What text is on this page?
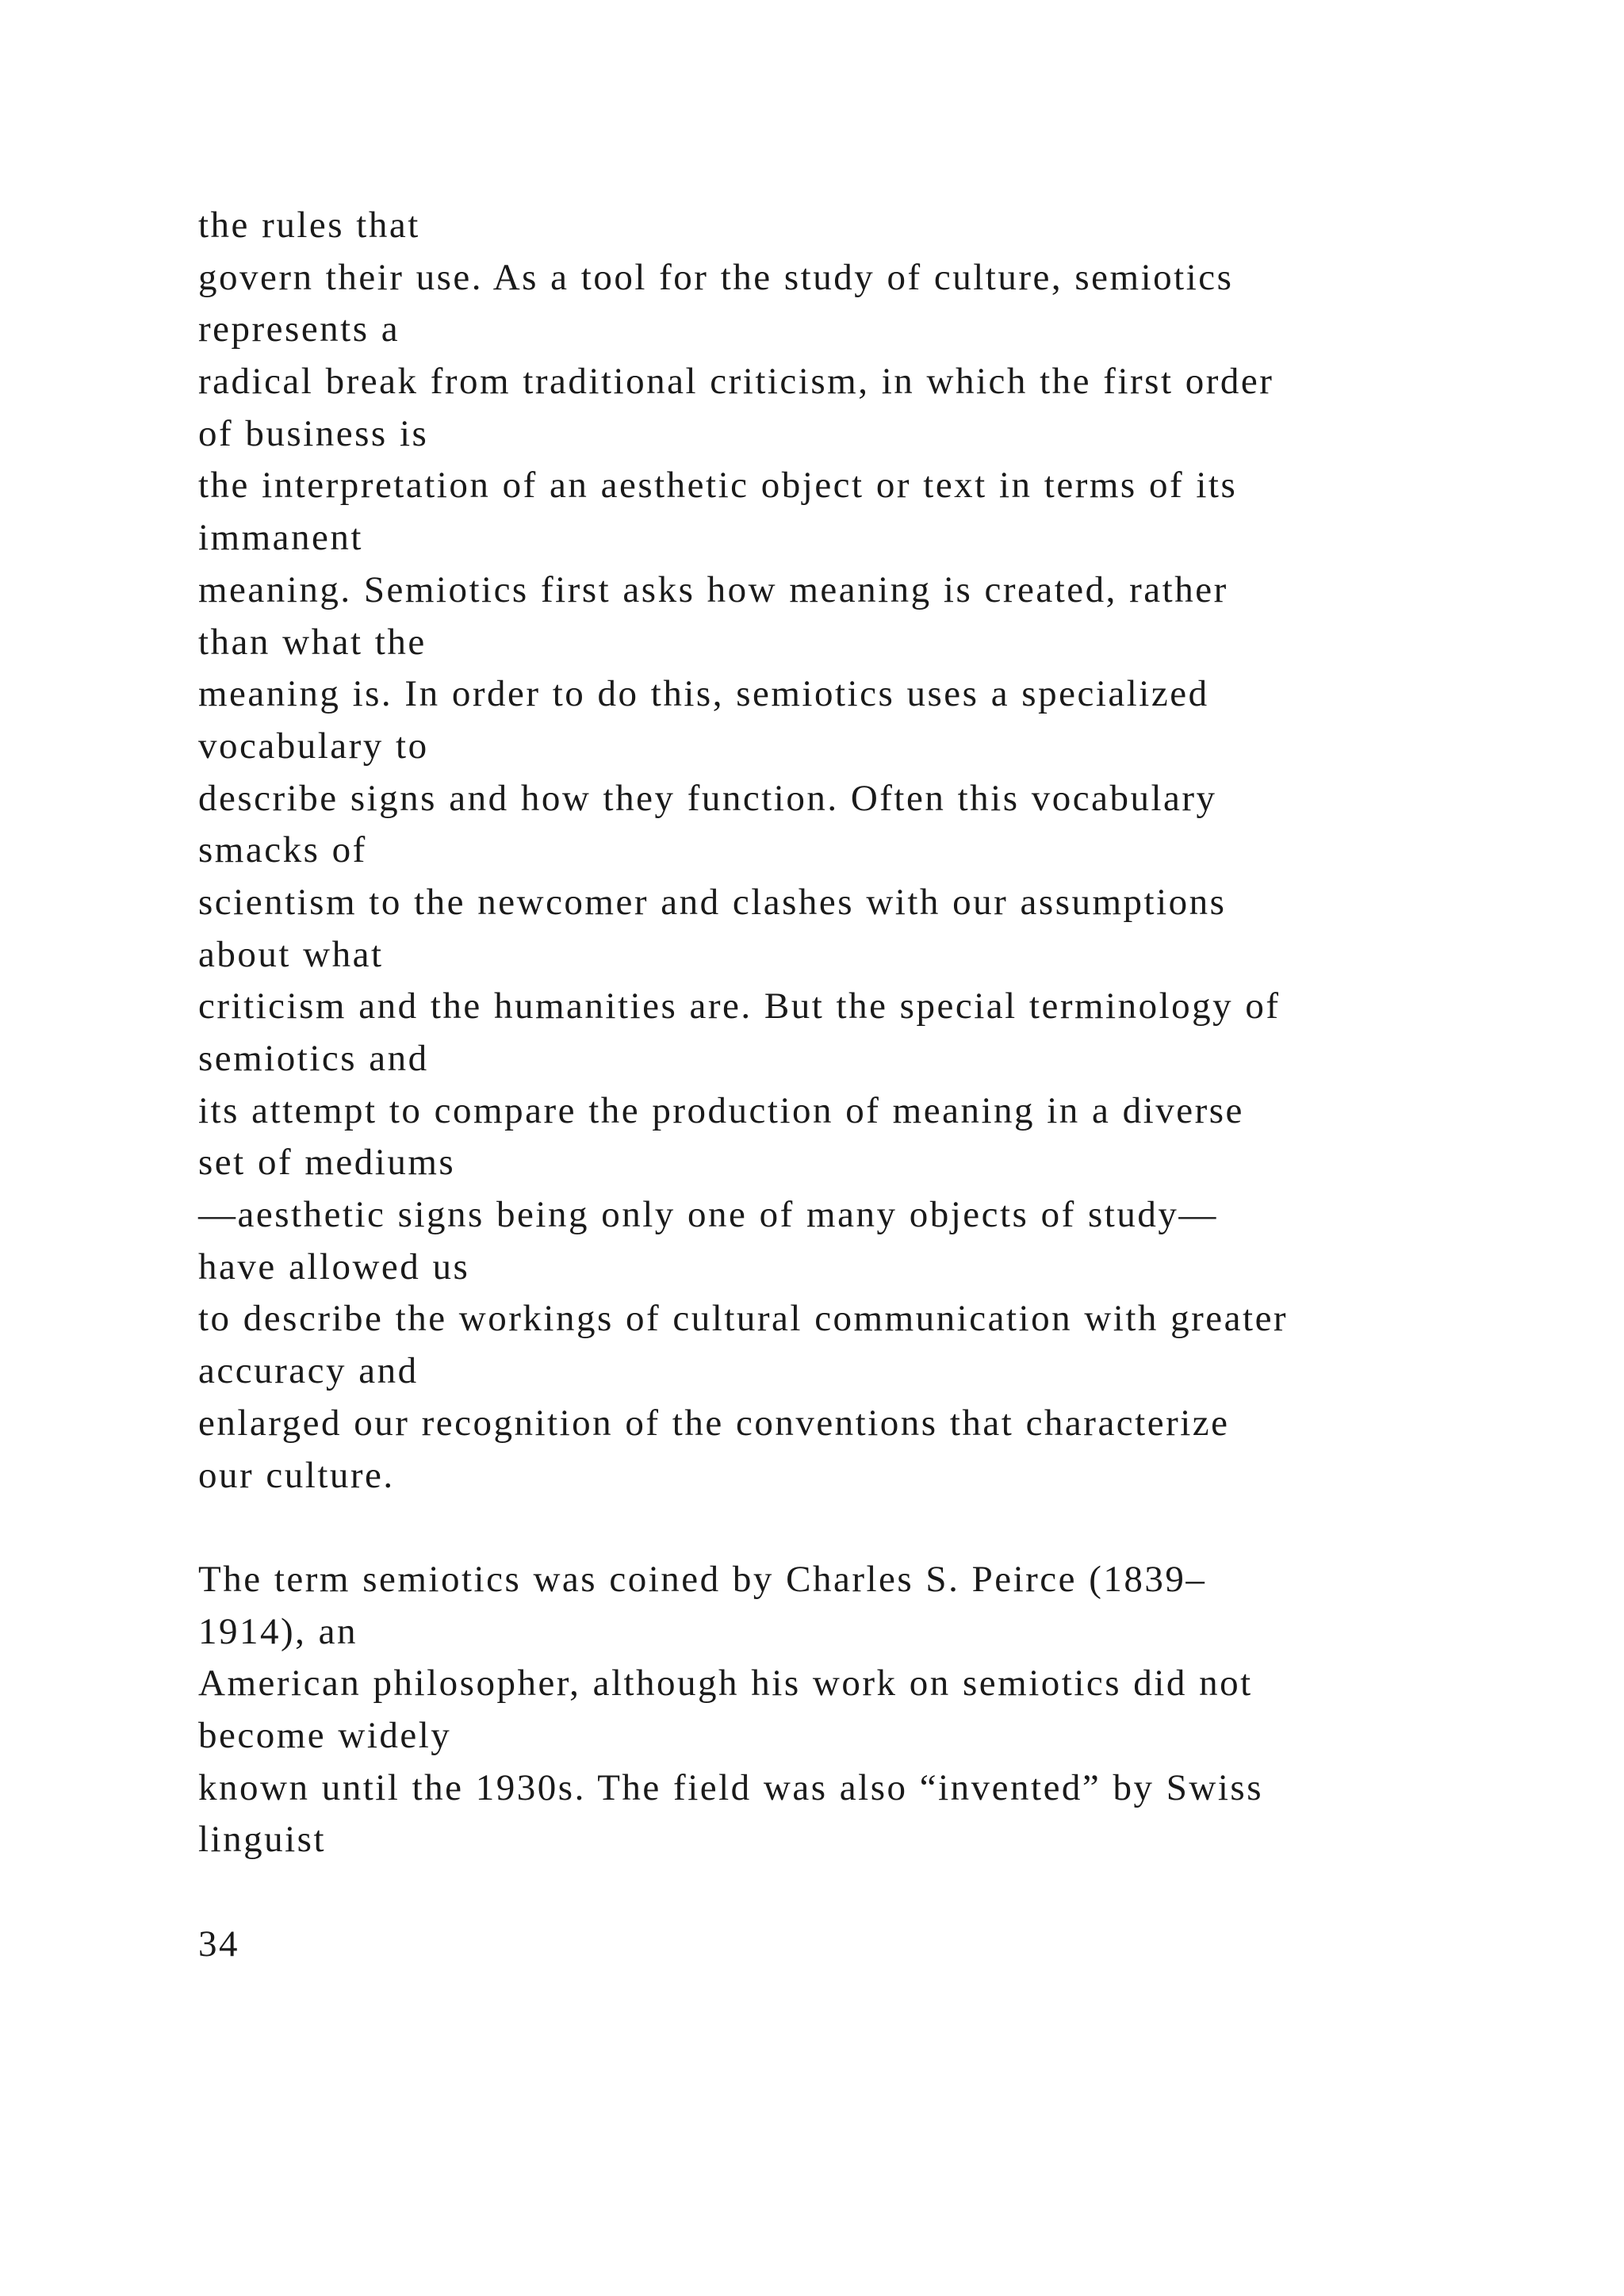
the rules that
govern their use. As a tool for the study of culture, semiotics
represents a
radical break from traditional criticism, in which the first order
of business is
the interpretation of an aesthetic object or text in terms of its
immanent
meaning. Semiotics first asks how meaning is created, rather
than what the
meaning is. In order to do this, semiotics uses a specialized
vocabulary to
describe signs and how they function. Often this vocabulary
smacks of
scientism to the newcomer and clashes with our assumptions
about what
criticism and the humanities are. But the special terminology of
semiotics and
its attempt to compare the production of meaning in a diverse
set of mediums
—aesthetic signs being only one of many objects of study—
have allowed us
to describe the workings of cultural communication with greater
accuracy and
enlarged our recognition of the conventions that characterize
our culture.
The term semiotics was coined by Charles S. Peirce (1839–
1914), an
American philosopher, although his work on semiotics did not
become widely
known until the 1930s. The field was also “invented” by Swiss
linguist

34
